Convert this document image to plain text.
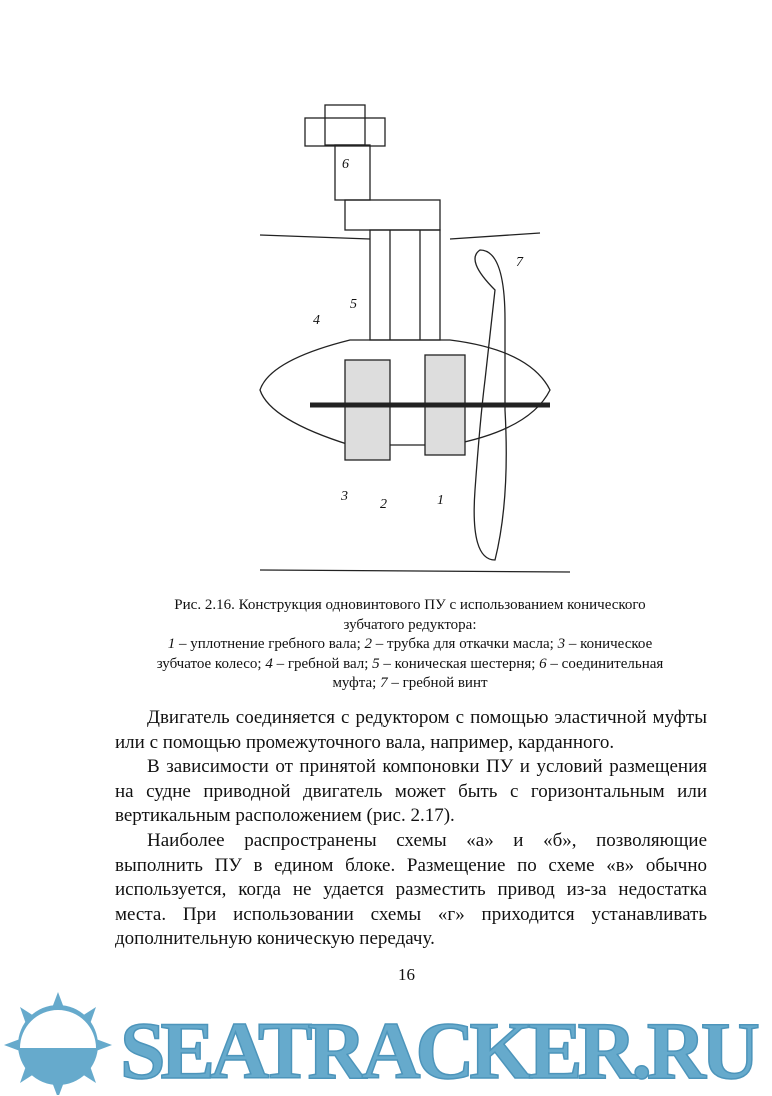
6
7
5
4
3
2	1
Рис. 2.16. Конструкция одновинтового ПУ с использованием конического зубчатого редуктора:
1 – уплотнение гребного вала; 2 – трубка для откачки масла; 3 – коническое зубчатое колесо; 4 – гребной вал; 5 – коническая шестерня; 6 – соединительная муфта; 7 – гребной винт

Двигатель соединяется с редуктором с помощью эластичной муфты или с помощью промежуточного вала, например, карданного.

В зависимости от принятой компоновки ПУ и условий размещения на судне приводной двигатель может быть с горизонтальным или вертикальным расположением (рис. 2.17).

Наиболее распространены схемы «а» и «б», позволяющие выполнить ПУ в едином блоке. Размещение по схеме «в» обычно используется, когда не удается разместить привод из-за недостатка места. При использовании схемы «г» приходится устанавливать дополнительную коническую передачу.

16
SEATRACKER.RU
